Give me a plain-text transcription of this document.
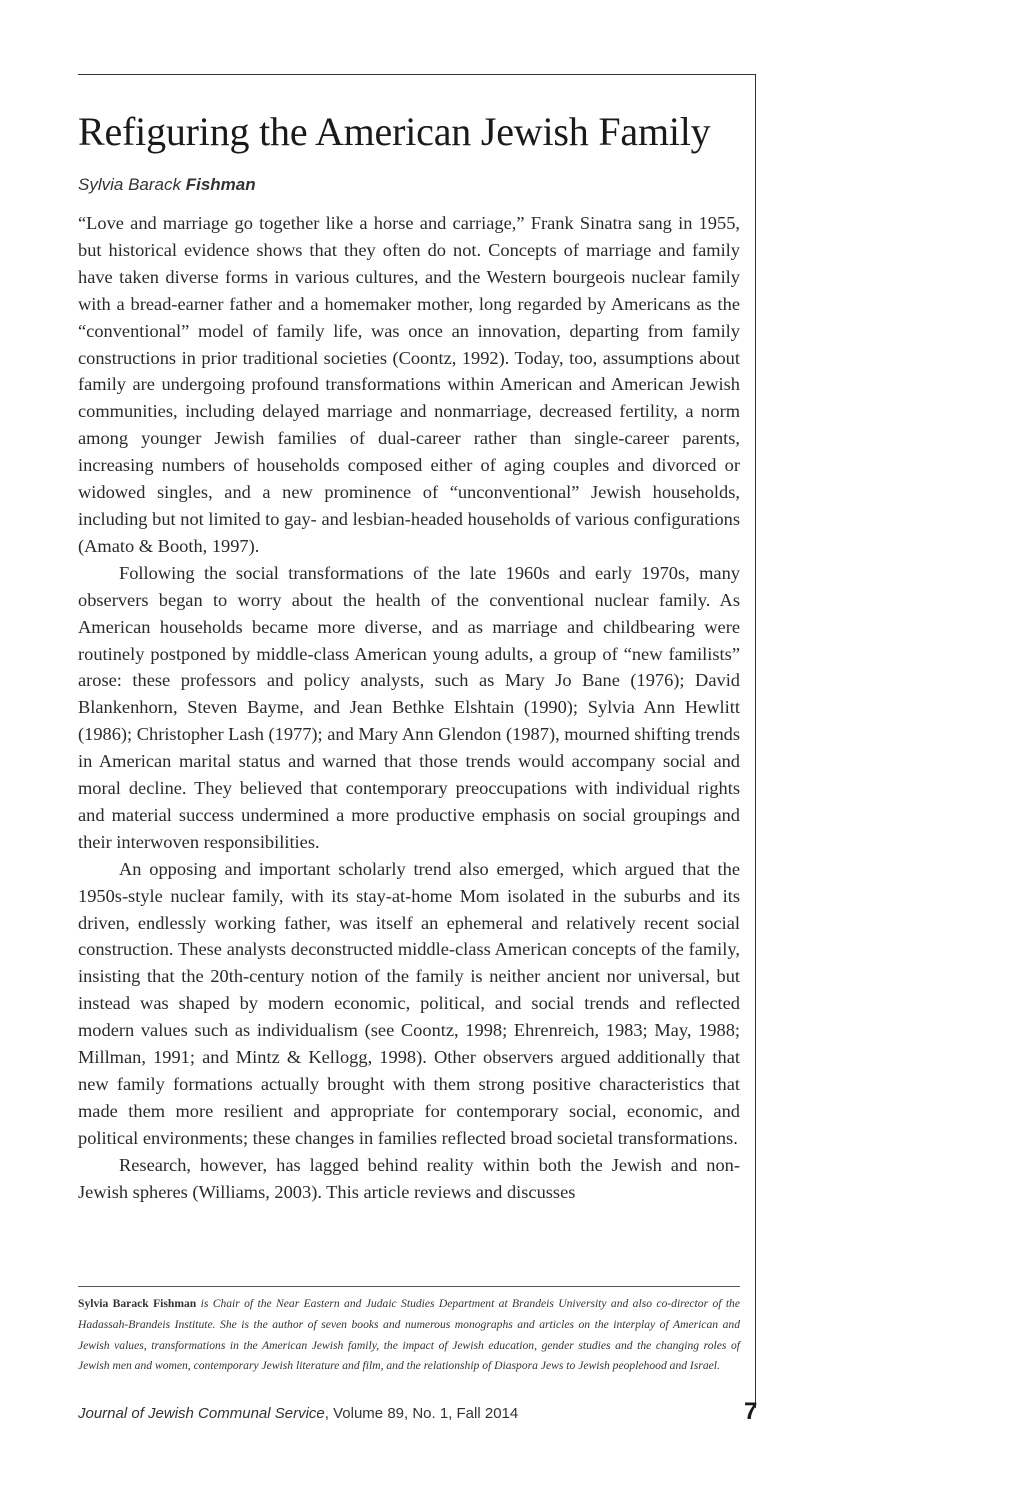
Refiguring the American Jewish Family
Sylvia Barack Fishman

“Love and marriage go together like a horse and carriage,” Frank Sinatra sang in 1955, but historical evidence shows that they often do not. Concepts of marriage and family have taken diverse forms in various cultures, and the Western bourgeois nuclear family with a bread-earner father and a homemaker mother, long regarded by Americans as the “conventional” model of family life, was once an innovation, departing from family constructions in prior traditional societies (Coontz, 1992). Today, too, assumptions about family are undergoing profound transformations within American and American Jewish communities, including delayed marriage and nonmarriage, decreased fertility, a norm among younger Jewish families of dual-career rather than single-career parents, increasing numbers of households composed either of aging couples and divorced or widowed singles, and a new prominence of “unconventional” Jewish households, including but not limited to gay- and lesbian-headed households of various configurations (Amato & Booth, 1997).

Following the social transformations of the late 1960s and early 1970s, many observers began to worry about the health of the conventional nuclear family. As American households became more diverse, and as marriage and childbearing were routinely postponed by middle-class American young adults, a group of “new familists” arose: these professors and policy analysts, such as Mary Jo Bane (1976); David Blankenhorn, Steven Bayme, and Jean Bethke Elshtain (1990); Sylvia Ann Hewlitt (1986); Christopher Lash (1977); and Mary Ann Glendon (1987), mourned shifting trends in American marital status and warned that those trends would accompany social and moral decline. They believed that contemporary preoccupations with individual rights and material success undermined a more productive emphasis on social groupings and their interwoven responsibilities.

An opposing and important scholarly trend also emerged, which argued that the 1950s-style nuclear family, with its stay-at-home Mom isolated in the suburbs and its driven, endlessly working father, was itself an ephemeral and relatively recent social construction. These analysts deconstructed middle-class American concepts of the family, insisting that the 20th-century notion of the family is neither ancient nor universal, but instead was shaped by modern economic, political, and social trends and reflected modern values such as individualism (see Coontz, 1998; Ehrenreich, 1983; May, 1988; Millman, 1991; and Mintz & Kellogg, 1998). Other observers argued additionally that new family formations actually brought with them strong positive characteristics that made them more resilient and appropriate for contemporary social, economic, and political environments; these changes in families reflected broad societal transformations.

Research, however, has lagged behind reality within both the Jewish and non-Jewish spheres (Williams, 2003). This article reviews and discusses

Sylvia Barack Fishman is Chair of the Near Eastern and Judaic Studies Department at Brandeis University and also co-director of the Hadassah-Brandeis Institute. She is the author of seven books and numerous monographs and articles on the interplay of American and Jewish values, transformations in the American Jewish family, the impact of Jewish education, gender studies and the changing roles of Jewish men and women, contemporary Jewish literature and film, and the relationship of Diaspora Jews to Jewish peoplehood and Israel.

Journal of Jewish Communal Service, Volume 89, No. 1, Fall 2014	7
